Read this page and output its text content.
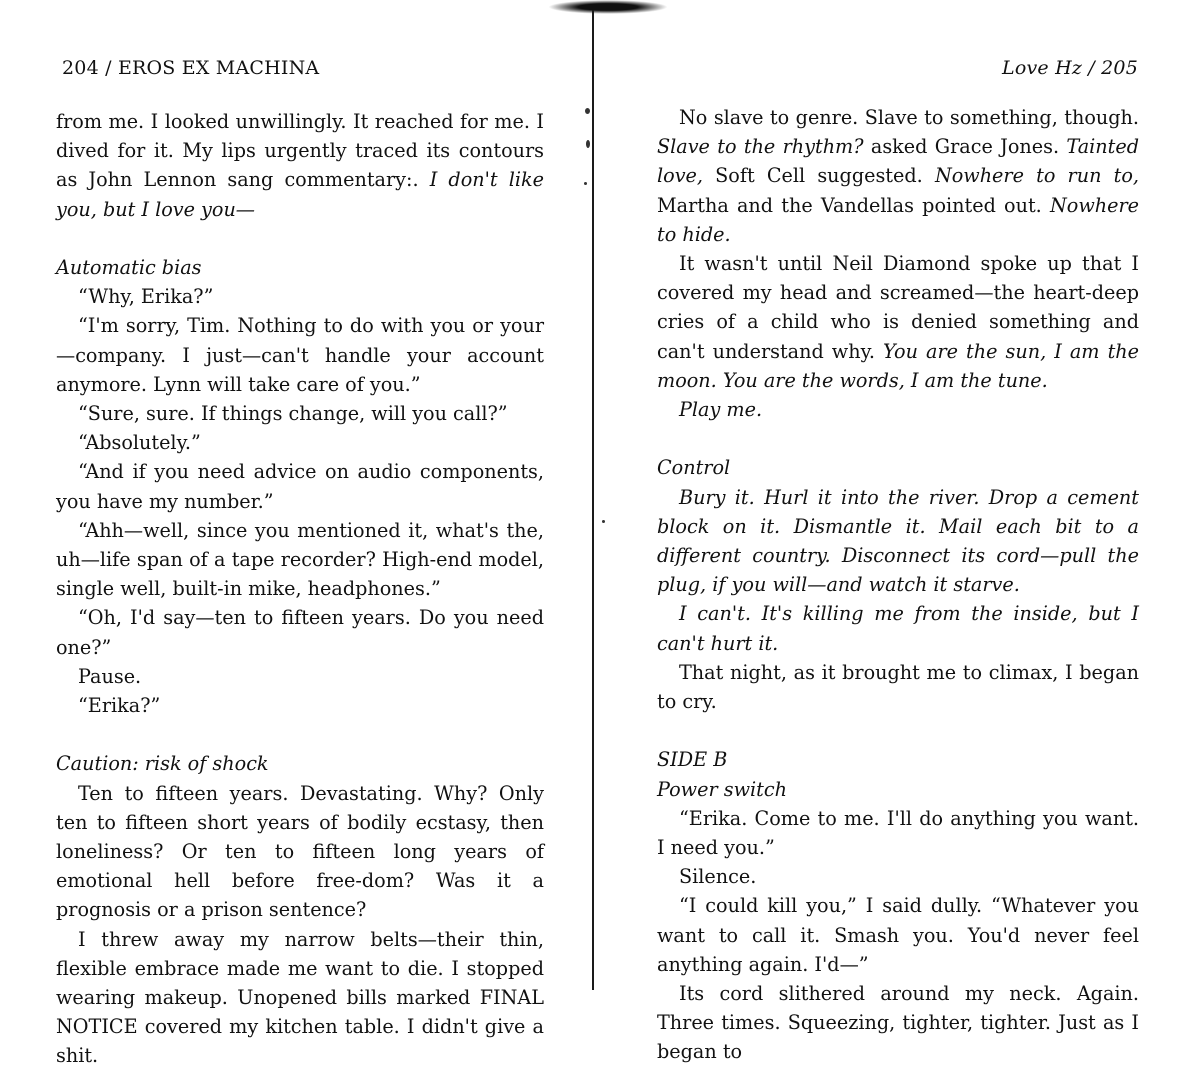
204 / EROS EX MACHINA

from me. I looked unwillingly. It reached for me. I dived for it. My lips urgently traced its contours as John Lennon sang commentary:. I don't like you, but I love you—

Automatic bias

“Why, Erika?”

“I'm sorry, Tim. Nothing to do with you or your—company. I just—can't handle your account anymore. Lynn will take care of you.”

“Sure, sure. If things change, will you call?”

“Absolutely.”

“And if you need advice on audio components, you have my number.”

“Ahh—well, since you mentioned it, what's the, uh—life span of a tape recorder? High-end model, single well, built-in mike, headphones.”

“Oh, I'd say—ten to fifteen years. Do you need one?”

Pause.

“Erika?”

Caution: risk of shock

Ten to fifteen years. Devastating. Why? Only ten to fifteen short years of bodily ecstasy, then loneliness? Or ten to fifteen long years of emotional hell before free-dom? Was it a prognosis or a prison sentence?

I threw away my narrow belts—their thin, flexible embrace made me want to die. I stopped wearing makeup. Unopened bills marked FINAL NOTICE covered my kitchen table. I didn't give a shit.

Love Hz / 205

No slave to genre. Slave to something, though. Slave to the rhythm? asked Grace Jones. Tainted love, Soft Cell suggested. Nowhere to run to, Martha and the Vandellas pointed out. Nowhere to hide.

It wasn't until Neil Diamond spoke up that I covered my head and screamed—the heart-deep cries of a child who is denied something and can't understand why. You are the sun, I am the moon. You are the words, I am the tune.

Play me.

Control

Bury it. Hurl it into the river. Drop a cement block on it. Dismantle it. Mail each bit to a different country. Disconnect its cord—pull the plug, if you will—and watch it starve.

I can't. It's killing me from the inside, but I can't hurt it.

That night, as it brought me to climax, I began to cry.

SIDE B

Power switch

“Erika. Come to me. I'll do anything you want. I need you.”

Silence.

“I could kill you,” I said dully. “Whatever you want to call it. Smash you. You'd never feel anything again. I'd—”

Its cord slithered around my neck. Again. Three times. Squeezing, tighter, tighter. Just as I began to
